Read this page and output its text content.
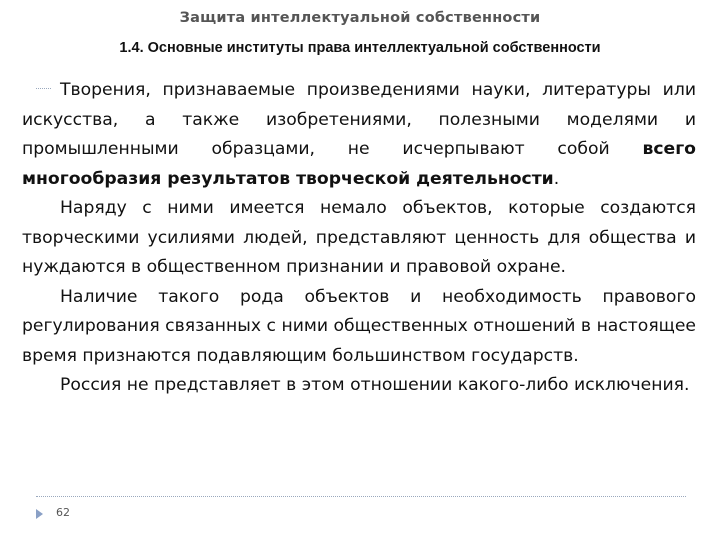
Защита интеллектуальной собственности
1.4. Основные институты права интеллектуальной собственности

Творения, признаваемые произведениями науки, литературы или искусства, а также изобретениями, полезными моделями и промышленными образцами, не исчерпывают собой всего многообразия результатов творческой деятельности.

Наряду с ними имеется немало объектов, которые создаются творческими усилиями людей, представляют ценность для общества и нуждаются в общественном признании и правовой охране.

Наличие такого рода объектов и необходимость правового регулирования связанных с ними общественных отношений в настоящее время признаются подавляющим большинством государств.

Россия не представляет в этом отношении какого-либо исключения.

62
